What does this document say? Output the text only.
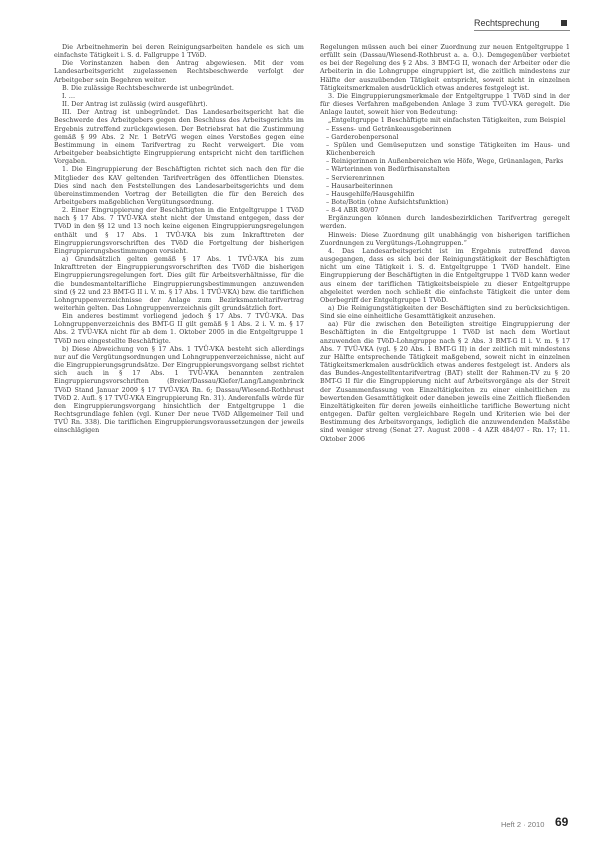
Rechtsprechung

Die Arbeitnehmerin bei deren Reinigungsarbeiten handele es sich um einfachste Tätigkeit i. S. d. Fallgruppe 1 TVöD.

Die Vorinstanzen haben den Antrag abgewiesen. Mit der vom Landesarbeitsgericht zugelassenen Rechtsbeschwerde verfolgt der Arbeitgeber sein Begehren weiter.

B. Die zulässige Rechtsbeschwerde ist unbegründet.

I. …

II. Der Antrag ist zulässig (wird ausgeführt).

III. Der Antrag ist unbegründet. Das Landesarbeitsgericht hat die Beschwerde des Arbeitgebers gegen den Beschluss des Arbeitsgerichts im Ergebnis zutreffend zurückgewiesen. Der Betriebsrat hat die Zustimmung gemäß § 99 Abs. 2 Nr. 1 BetrVG wegen eines Verstoßes gegen eine Bestimmung in einem Tarifvertrag zu Recht verweigert. Die vom Arbeitgeber beabsichtigte Eingruppierung entspricht nicht den tariflichen Vorgaben.

1. Die Eingruppierung der Beschäftigten richtet sich nach den für die Mitglieder des KAV geltenden Tarifverträgen des öffentlichen Dienstes. Dies sind nach den Feststellungen des Landesarbeitsgerichts und dem übereinstimmenden Vortrag der Beteiligten die für den Bereich des Arbeitgebers maßgeblichen Vergütungsordnung.

2. Einer Eingruppierung der Beschäftigten in die Entgeltgruppe 1 TVöD nach § 17 Abs. 7 TVÜ-VKA steht nicht der Umstand entgegen, dass der TVöD in den §§ 12 und 13 noch keine eigenen Eingruppierungsregelungen enthält und § 17 Abs. 1 TVÜ-VKA bis zum Inkrafttreten der Eingruppierungsvorschriften des TVöD die Fortgeltung der bisherigen Eingruppierungsbestimmungen vorsieht.

a) Grundsätzlich gelten gemäß § 17 Abs. 1 TVÜ-VKA bis zum Inkrafttreten der Eingruppierungsvorschriften des TVöD die bisherigen Eingruppierungsregelungen fort. Dies gilt für Arbeitsverhältnisse, für die die bundesmanteltarifliche Eingruppierungsbestimmungen anzuwenden sind (§ 22 und 23 BMT-G II i. V. m. § 17 Abs. 1 TVÜ-VKA) bzw. die tariflichen Lohngruppenverzeichnisse der Anlage zum Bezirksmanteltarifvertrag weiterhin gelten. Das Lohngruppenverzeichnis gilt grundsätzlich fort.

Ein anderes bestimmt vorliegend jedoch § 17 Abs. 7 TVÜ-VKA. Das Lohngruppenverzeichnis des BMT-G II gilt gemäß § 1 Abs. 2 i. V. m. § 17 Abs. 2 TVÜ-VKA nicht für ab dem 1. Oktober 2005 in die Entgeltgruppe 1 TVöD neu eingestellte Beschäftigte.

b) Diese Abweichung von § 17 Abs. 1 TVÜ-VKA besteht sich allerdings nur auf die Vergütungsordnungen und Lohngruppenverzeichnisse, nicht auf die Eingruppierungsgrundsätze. Der Eingruppierungsvorgang selbst richtet sich auch in § 17 Abs. 1 TVÜ-VKA benannten zentralen Eingruppierungsvorschriften (Breier/Dassau/Kiefer/Lang/Langenbrinck TVöD Stand Januar 2009 § 17 TVÜ-VKA Rn. 6; Dassau/Wiesend-Rothbrust TVöD 2. Aufl. § 17 TVÜ-VKA Eingruppierung Rn. 31). Anderenfalls würde für den Eingruppierungsvorgang hinsichtlich der Entgeltgruppe 1 die Rechtsgrundlage fehlen (vgl. Kuner Der neue TVöD Allgemeiner Teil und TVÜ Rn. 338). Die tariflichen Eingruppierungsvoraussetzungen der jeweils einschlägigen

Regelungen müssen auch bei einer Zuordnung zur neuen Entgeltgruppe 1 erfüllt sein (Dassau/Wiesend-Rothbrust a. a. O.). Demgegenüber verbietet es bei der Regelung des § 2 Abs. 3 BMT-G II, wonach der Arbeiter oder die Arbeiterin in die Lohngruppe eingruppiert ist, die zeitlich mindestens zur Hälfte der auszuübenden Tätigkeit entspricht, soweit nicht in einzelnen Tätigkeitsmerkmalen ausdrücklich etwas anderes festgelegt ist.

3. Die Eingruppierungsmerkmale der Entgeltgruppe 1 TVöD sind in der für dieses Verfahren maßgebenden Anlage 3 zum TVÜ-VKA geregelt. Die Anlage lautet, soweit hier von Bedeutung:

„Entgeltgruppe 1 Beschäftigte mit einfachsten Tätigkeiten, zum Beispiel

– Essens- und Getränkeausgeberinnen
– Garderobenpersonal
– Spülen und Gemüseputzen und sonstige Tätigkeiten im Haus- und Küchenbereich
– Reinigerinnen in Außenbereichen wie Höfe, Wege, Grünanlagen, Parks
– Wärterinnen von Bedürfnisanstalten
– Servierenrinnen
– Hausarbeiterinnen
– Hausgehilfe/Hausgehilfin
– Bote/Botin (ohne Aufsichtsfunktion)
– 8-4 ABR 80/07

Ergänzungen können durch landesbezirklichen Tarifvertrag geregelt werden.

Hinweis: Diese Zuordnung gilt unabhängig von bisherigen tariflichen Zuordnungen zu Vergütungs-/Lohngruppen.“

4. Das Landesarbeitsgericht ist im Ergebnis zutreffend davon ausgegangen, dass es sich bei der Reinigungstätigkeit der Beschäftigten nicht um eine Tätigkeit i. S. d. Entgeltgruppe 1 TVöD handelt. Eine Eingruppierung der Beschäftigten in die Entgeltgruppe 1 TVöD kann weder aus einem der tariflichen Tätigkeitsbeispiele zu dieser Entgeltgruppe abgeleitet werden noch schließt die einfachste Tätigkeit die unter dem Oberbegriff der Entgeltgruppe 1 TVöD.

a) Die Reinigungstätigkeiten der Beschäftigten sind zu berücksichtigen. Sind sie eine einheitliche Gesamttätigkeit anzusehen.

aa) Für die zwischen den Beteiligten streitige Eingruppierung der Beschäftigten in die Entgeltgruppe 1 TVöD ist nach dem Wortlaut anzuwenden die TVöD-Lohngruppe nach § 2 Abs. 3 BMT-G II i. V. m. § 17 Abs. 7 TVÜ-VKA (vgl. § 20 Abs. 1 BMT-G II) in der zeitlich mit mindestens zur Hälfte entsprechende Tätigkeit maßgebend, soweit nicht in einzelnen Tätigkeitsmerkmalen ausdrücklich etwas anderes festgelegt ist. Anders als das Bundes-Angestelltentarifvertrag (BAT) stellt der Rahmen-TV zu § 20 BMT-G II für die Eingruppierung nicht auf Arbeitsvorgänge als der Streit der Zusammenfassung von Einzeltätigkeiten zu einer einheitlichen zu bewertenden Gesamttätigkeit oder daneben jeweils eine Zeitlich fließenden Einzeltätigkeiten für deren jeweils einheitliche tarifliche Bewertung nicht entgegen. Dafür gelten vergleichbare Regeln und Kriterien wie bei der Bestimmung des Arbeitsvorgangs, lediglich die anzuwendenden Maßstäbe sind weniger streng (Senat 27. August 2008 - 4 AZR 484/07 - Rn. 17; 11. Oktober 2006

Heft 2 · 2010 69
